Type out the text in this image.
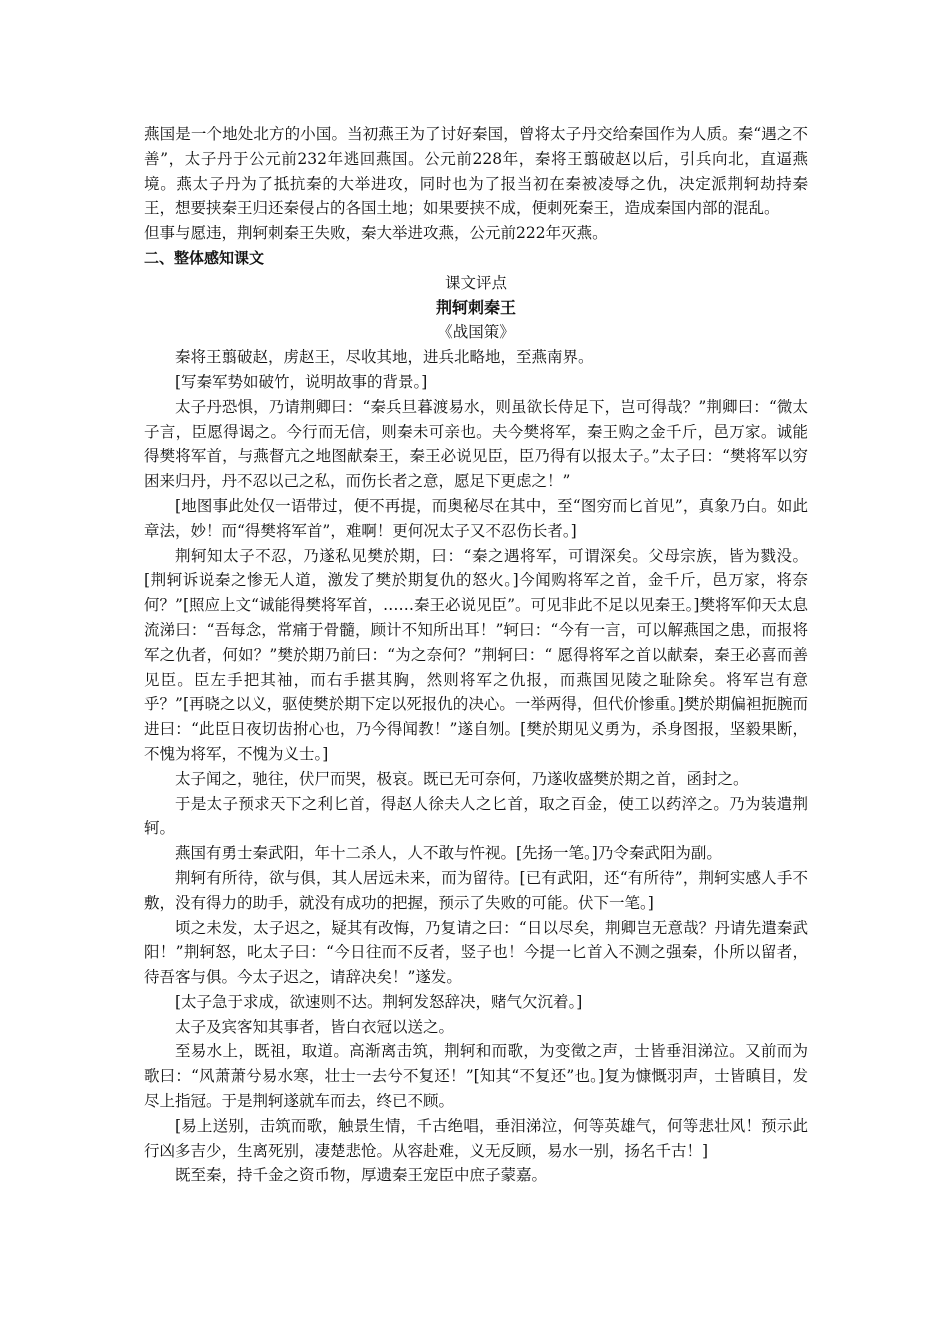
燕国是一个地处北方的小国。当初燕王为了讨好秦国，曾将太子丹交给秦国作为人质。秦“遇之不善”，太子丹于公元前232年逃回燕国。公元前228年，秦将王翦破赵以后，引兵向北，直逼燕境。燕太子丹为了抵抗秦的大举进攻，同时也为了报当初在秦被凌辱之仇，决定派荆轲劫持秦王，想要挟秦王归还秦侵占的各国土地；如果要挟不成，便刺死秦王，造成秦国内部的混乱。

但事与愿违，荆轲刺秦王失败，秦大举进攻燕，公元前222年灭燕。

二、整体感知课文

课文评点

荆轲刺秦王

《战国策》

秦将王翦破赵，虏赵王，尽收其地，进兵北略地，至燕南界。

[写秦军势如破竹，说明故事的背景。]

太子丹恐惧，乃请荆卿曰：“秦兵旦暮渡易水，则虽欲长侍足下，岂可得哉？”荆卿曰：“微太子言，臣愿得谒之。今行而无信，则秦未可亲也。夫今樊将军，秦王购之金千斤，邑万家。诚能得樊将军首，与燕督亢之地图献秦王，秦王必说见臣，臣乃得有以报太子。”太子曰：“樊将军以穷困来归丹，丹不忍以己之私，而伤长者之意，愿足下更虑之！”

[地图事此处仅一语带过，便不再提，而奥秘尽在其中，至“图穷而匕首见”，真象乃白。如此章法，妙！而“得樊将军首”，难啊！更何况太子又不忍伤长者。]

荆轲知太子不忍，乃遂私见樊於期，曰：“秦之遇将军，可谓深矣。父母宗族，皆为戮没。[荆轲诉说秦之惨无人道，激发了樊於期复仇的怒火。]今闻购将军之首，金千斤，邑万家，将奈何？”[照应上文“诚能得樊将军首，……秦王必说见臣”。可见非此不足以见秦王。]樊将军仰天太息流涕曰：“吾每念，常痛于骨髓，顾计不知所出耳！”轲曰：“今有一言，可以解燕国之患，而报将军之仇者，何如？”樊於期乃前曰：“为之奈何？”荆轲曰：“ 愿得将军之首以献秦，秦王必喜而善见臣。臣左手把其袖，而右手揕其胸，然则将军之仇报，而燕国见陵之耻除矣。将军岂有意乎？”[再晓之以义，驱使樊於期下定以死报仇的决心。一举两得，但代价惨重。]樊於期偏袒扼腕而进曰：“此臣日夜切齿拊心也，乃今得闻教！”遂自刎。[樊於期见义勇为，杀身图报，坚毅果断，不愧为将军，不愧为义士。]

太子闻之，驰往，伏尸而哭，极哀。既已无可奈何，乃遂收盛樊於期之首，函封之。

于是太子预求天下之利匕首，得赵人徐夫人之匕首，取之百金，使工以药淬之。乃为装遣荆轲。

燕国有勇士秦武阳，年十二杀人，人不敢与忤视。[先扬一笔。]乃令秦武阳为副。

荆轲有所待，欲与俱，其人居远未来，而为留待。[已有武阳，还“有所待”，荆轲实感人手不敷，没有得力的助手，就没有成功的把握，预示了失败的可能。伏下一笔。]

顷之未发，太子迟之，疑其有改悔，乃复请之曰：“日以尽矣，荆卿岂无意哉？丹请先遣秦武阳！”荆轲怒，叱太子曰：“今日往而不反者，竖子也！今提一匕首入不测之强秦，仆所以留者，待吾客与俱。今太子迟之，请辞决矣！”遂发。

[太子急于求成，欲速则不达。荆轲发怒辞决，赌气欠沉着。]

太子及宾客知其事者，皆白衣冠以送之。

至易水上，既祖，取道。高渐离击筑，荆轲和而歌，为变徵之声，士皆垂泪涕泣。又前而为歌曰：“风萧萧兮易水寒，壮士一去兮不复还！”[知其“不复还”也。]复为慷慨羽声，士皆瞋目，发尽上指冠。于是荆轲遂就车而去，终已不顾。

[易上送别，击筑而歌，触景生情，千古绝唱，垂泪涕泣，何等英雄气，何等悲壮风！预示此行凶多吉少，生离死别，凄楚悲怆。从容赴难，义无反顾，易水一别，扬名千古！]

既至秦，持千金之资币物，厚遗秦王宠臣中庶子蒙嘉。
